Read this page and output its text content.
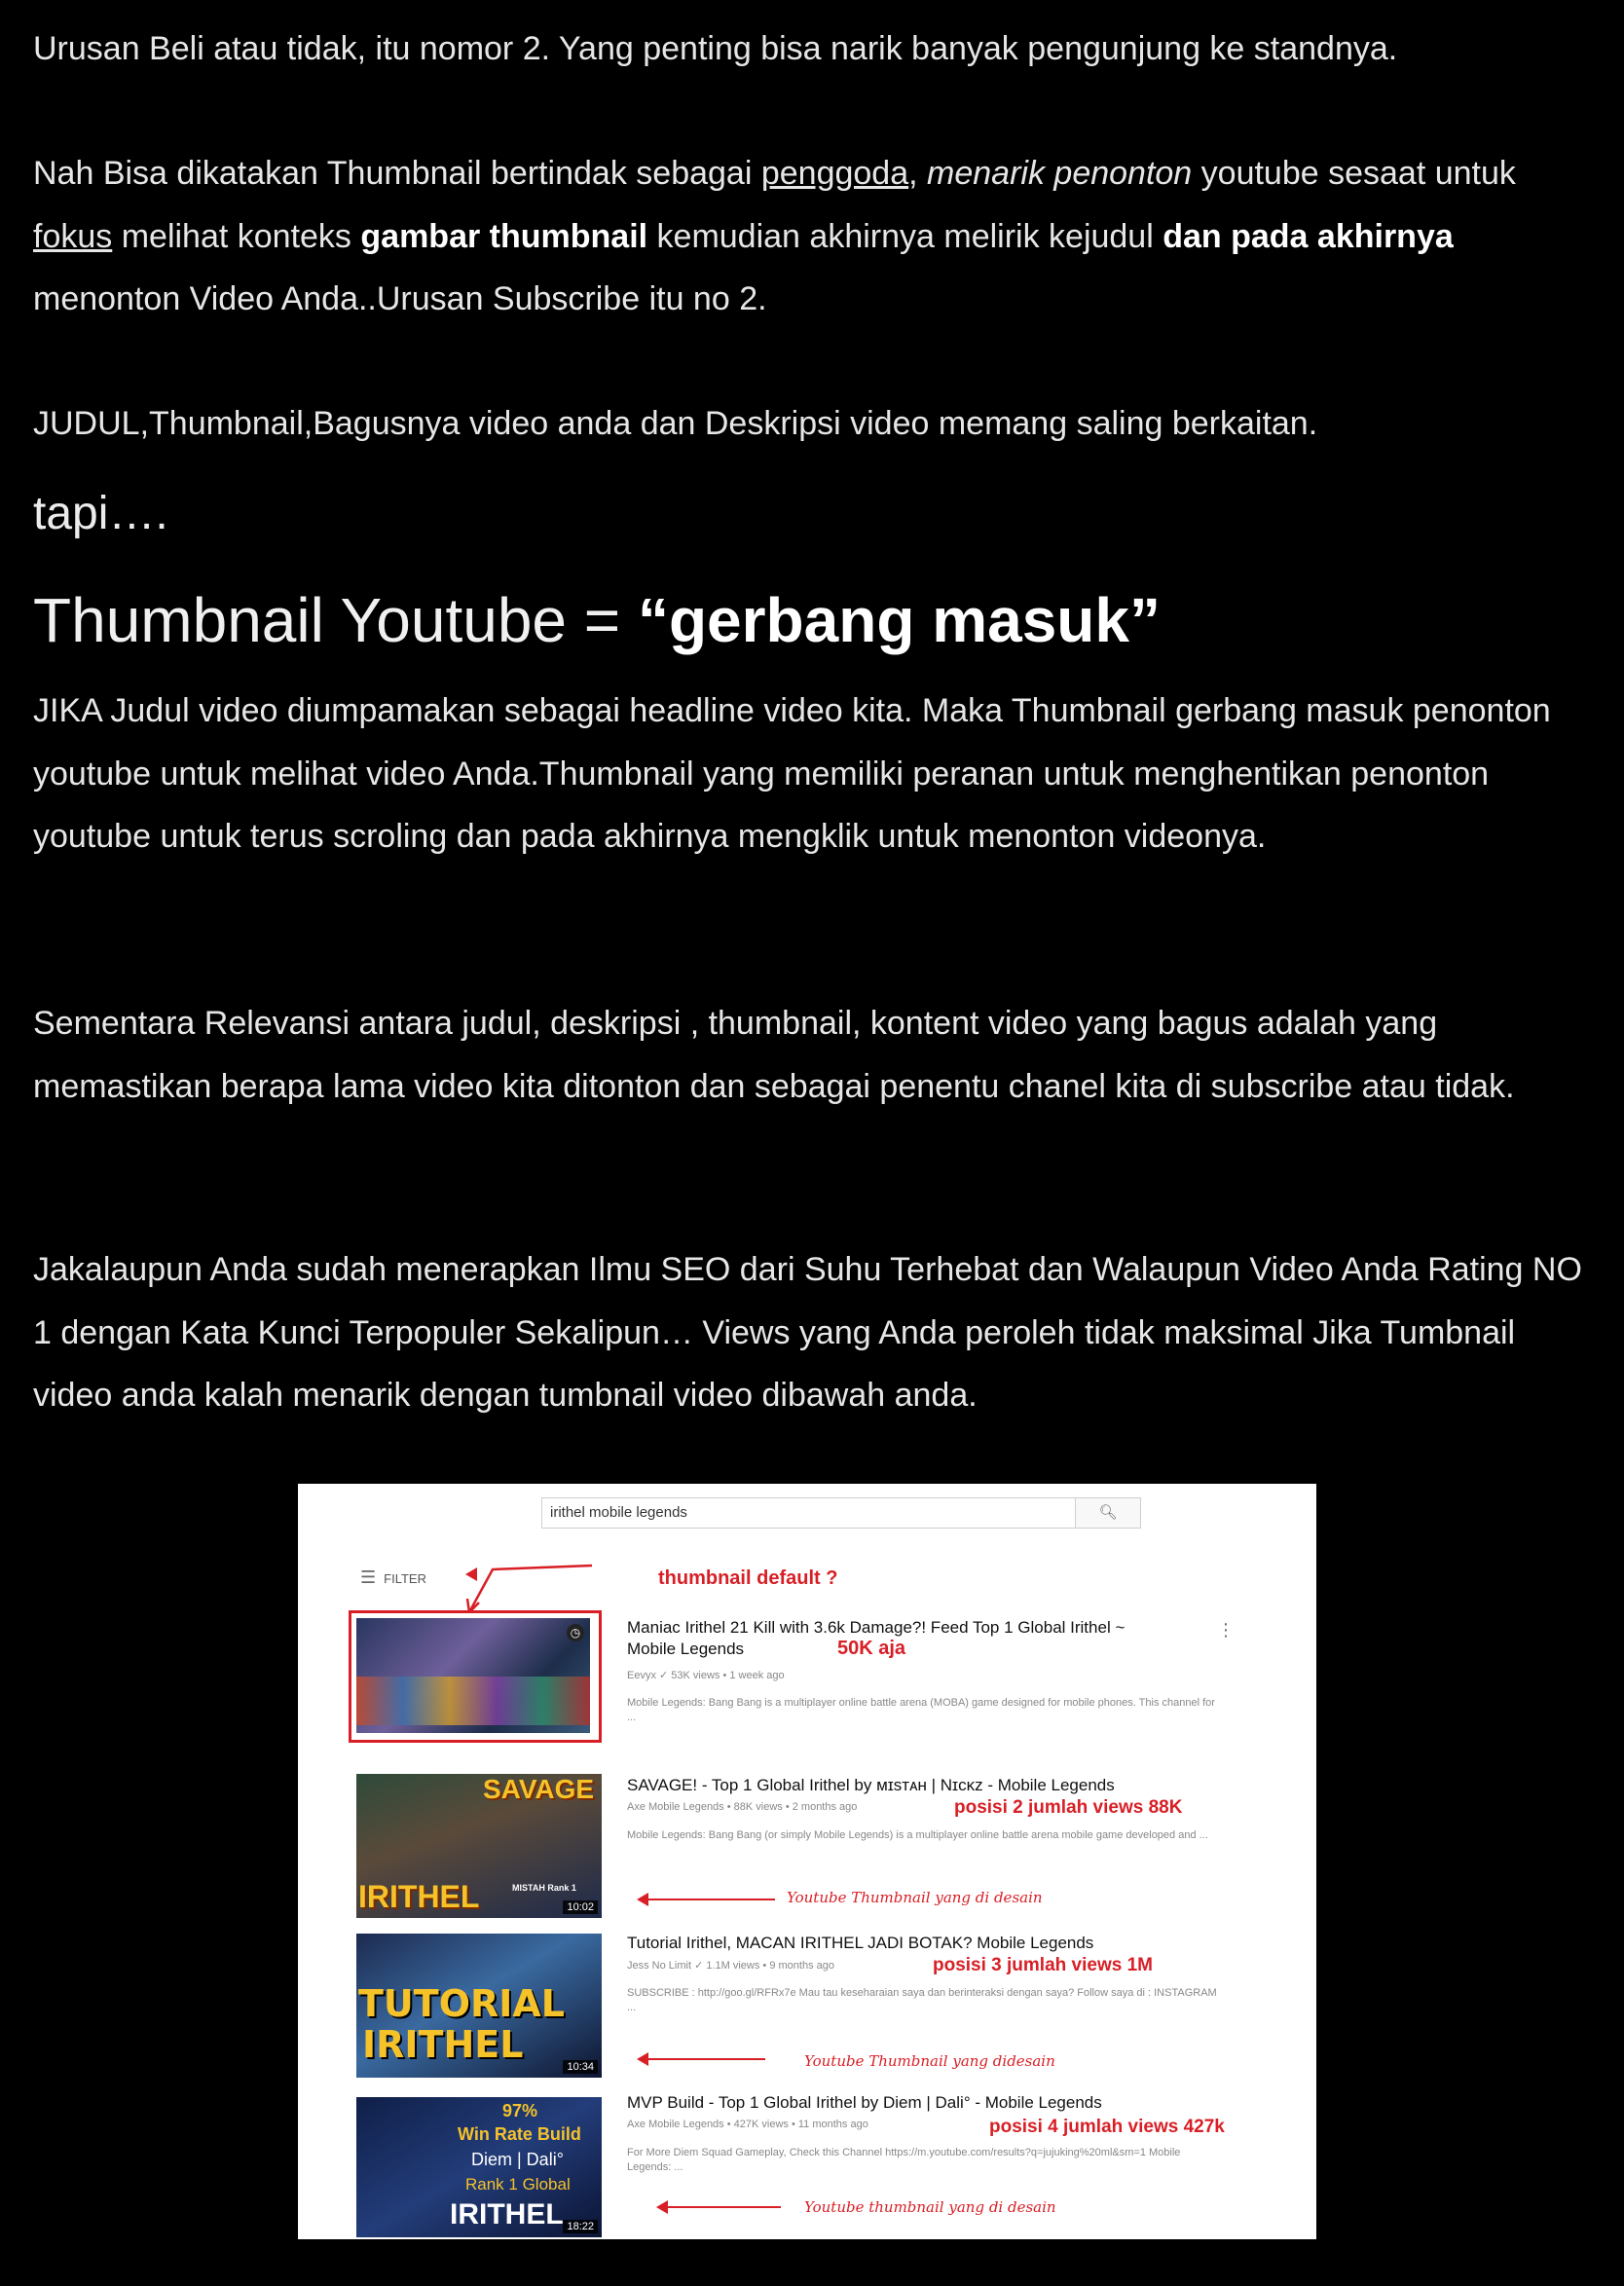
Urusan Beli atau tidak, itu nomor 2. Yang penting bisa narik banyak pengunjung ke standnya.

Nah Bisa dikatakan Thumbnail bertindak sebagai penggoda, menarik penonton youtube sesaat untuk fokus melihat konteks gambar thumbnail kemudian akhirnya melirik kejudul dan pada akhirnya menonton Video Anda..Urusan Subscribe itu no 2.

JUDUL,Thumbnail,Bagusnya video anda dan Deskripsi video memang saling berkaitan.

tapi….
Thumbnail Youtube = “gerbang masuk”

JIKA Judul video diumpamakan sebagai headline video kita. Maka Thumbnail gerbang masuk penonton youtube untuk melihat video Anda.Thumbnail yang memiliki peranan untuk menghentikan penonton youtube untuk terus scroling dan pada akhirnya mengklik untuk menonton videonya.

Sementara Relevansi antara judul, deskripsi , thumbnail, kontent video yang bagus adalah yang memastikan berapa lama video kita ditonton dan sebagai penentu chanel kita di subscribe atau tidak.

Jakalaupun Anda sudah menerapkan Ilmu SEO dari Suhu Terhebat dan Walaupun Video Anda Rating NO 1 dengan Kata Kunci Terpopuler Sekalipun… Views yang Anda peroleh tidak maksimal Jika Tumbnail video anda kalah menarik dengan tumbnail video dibawah anda.

irithel mobile legends	🔍︎
☰ FILTER	thumbnail default ?
◷	Maniac Irithel 21 Kill with 3.6k Damage?! Feed Top 1 Global Irithel ~
Mobile Legends	50K aja
Eevyx ✓ 53K views • 1 week ago
Mobile Legends: Bang Bang is a multiplayer online battle arena (MOBA) game designed for mobile phones. This channel for ...
⋮
SAVAGE
IRITHEL	MISTAH Rank 1
10:02
SAVAGE! - Top 1 Global Irithel by ᴍɪsᴛᴀʜ | Nɪᴄᴋᴢ - Mobile Legends
Axe Mobile Legends • 88K views • 2 months ago	posisi 2 jumlah views 88K
Mobile Legends: Bang Bang (or simply Mobile Legends) is a multiplayer online battle arena mobile game developed and ...
Youtube Thumbnail yang di desain
TUTORIAL
IRITHEL
10:34
Tutorial Irithel, MACAN IRITHEL JADI BOTAK? Mobile Legends
Jess No Limit ✓ 1.1M views • 9 months ago	posisi 3 jumlah views 1M
SUBSCRIBE : http://goo.gl/RFRx7e Mau tau keseharaian saya dan berinteraksi dengan saya? Follow saya di : INSTAGRAM ...
Youtube Thumbnail yang didesain
97%
Win Rate Build
Diem | Dali°
Rank 1 Global
IRITHEL 18:22
MVP Build - Top 1 Global Irithel by Diem | Dali° - Mobile Legends
Axe Mobile Legends • 427K views • 11 months ago	posisi 4 jumlah views 427k
For More Diem Squad Gameplay, Check this Channel https://m.youtube.com/results?q=jujuking%20ml&sm=1 Mobile Legends: ...
Youtube thumbnail yang di desain
